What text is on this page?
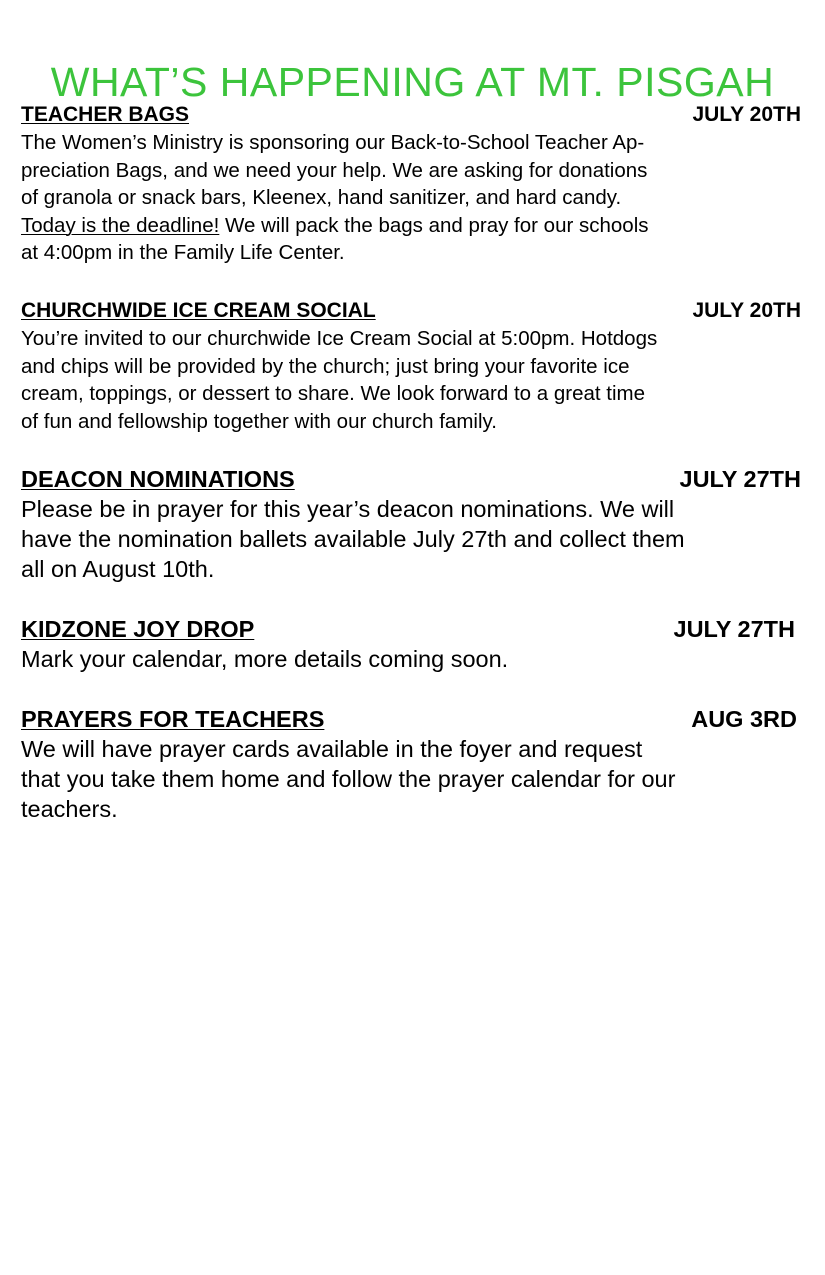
WHAT’S HAPPENING AT MT. PISGAH
TEACHER BAGS	JULY 20TH

The Women’s Ministry is sponsoring our Back-to-School Teacher Ap-
preciation Bags, and we need your help. We are asking for donations
of granola or snack bars, Kleenex, hand sanitizer, and hard candy.
Today is the deadline! We will pack the bags and pray for our schools
at 4:00pm in the Family Life Center.

CHURCHWIDE ICE CREAM SOCIAL	JULY 20TH

You’re invited to our churchwide Ice Cream Social at 5:00pm. Hotdogs
and chips will be provided by the church; just bring your favorite ice
cream, toppings, or dessert to share. We look forward to a great time
of fun and fellowship together with our church family.

DEACON NOMINATIONS	JULY 27TH

Please be in prayer for this year’s deacon nominations. We will
have the nomination ballets available July 27th and collect them
all on August 10th.

KIDZONE JOY DROP	JULY 27TH

Mark your calendar, more details coming soon.

PRAYERS FOR TEACHERS	AUG 3RD

We will have prayer cards available in the foyer and request
that you take them home and follow the prayer calendar for our
teachers.
